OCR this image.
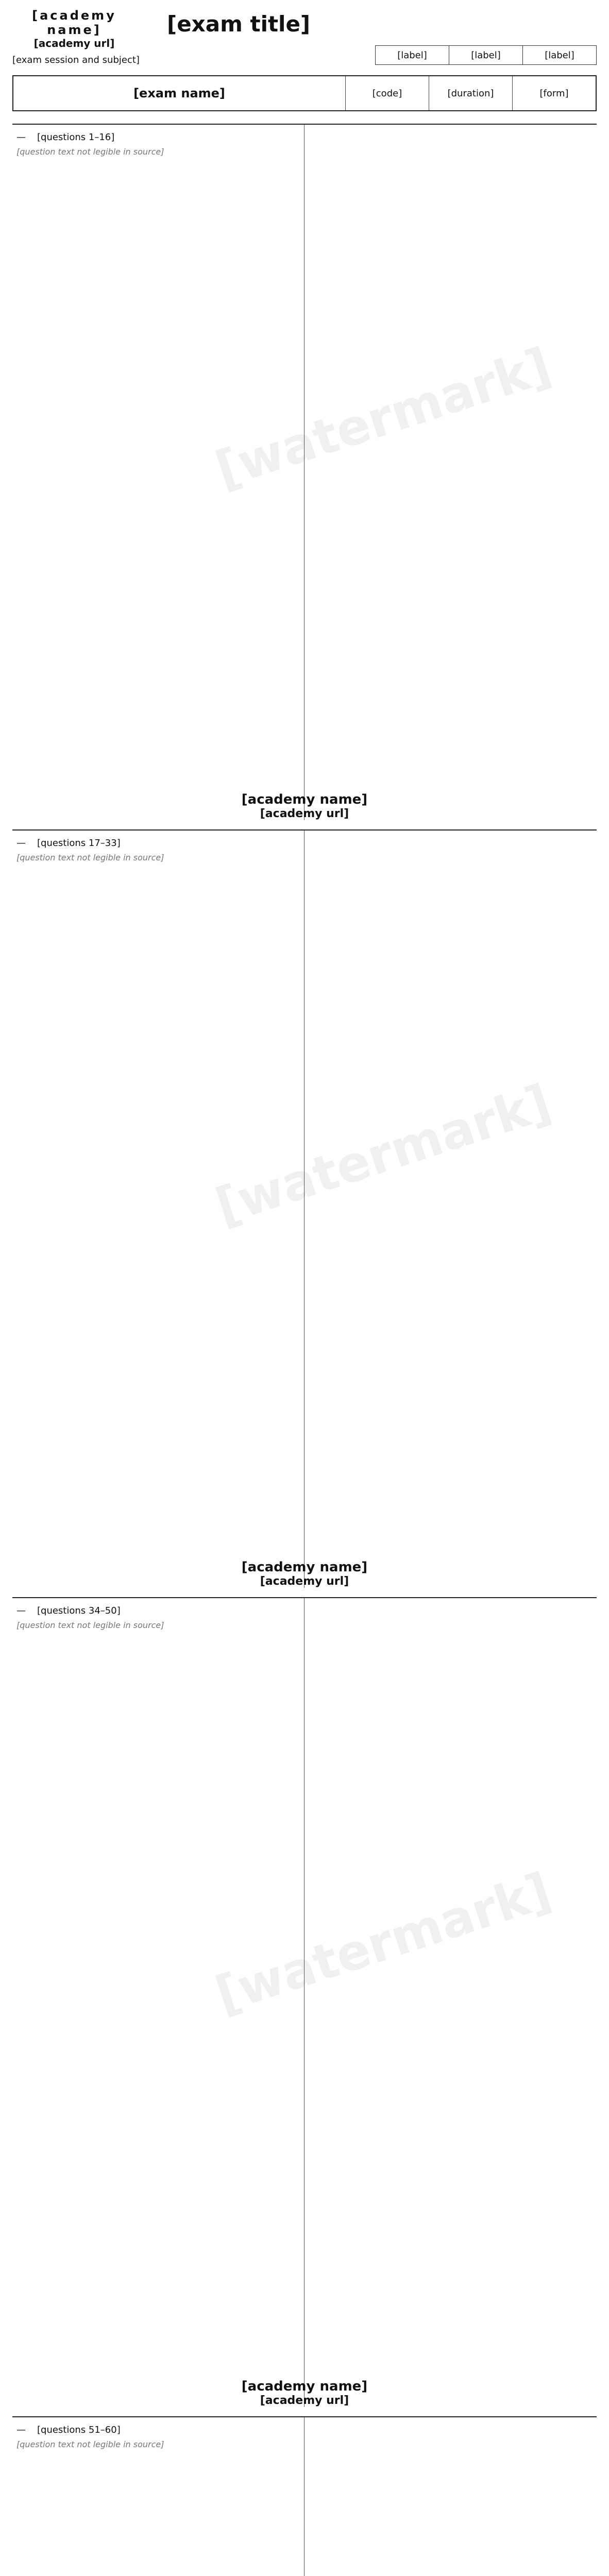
[academy name]
[academy url]
[exam title]
[exam session and subject]	[label]	[label]	[label]
[exam name]	[code]	[duration]	[form]
—	[questions 1–16]
[question text not legible in source]
[watermark]
[academy name]
[academy url]
—	[questions 17–33]
[question text not legible in source]
[watermark]
[academy name]
[academy url]
—	[questions 34–50]
[question text not legible in source]
[watermark]
[academy name]
[academy url]
—	[questions 51–60]
[question text not legible in source]
